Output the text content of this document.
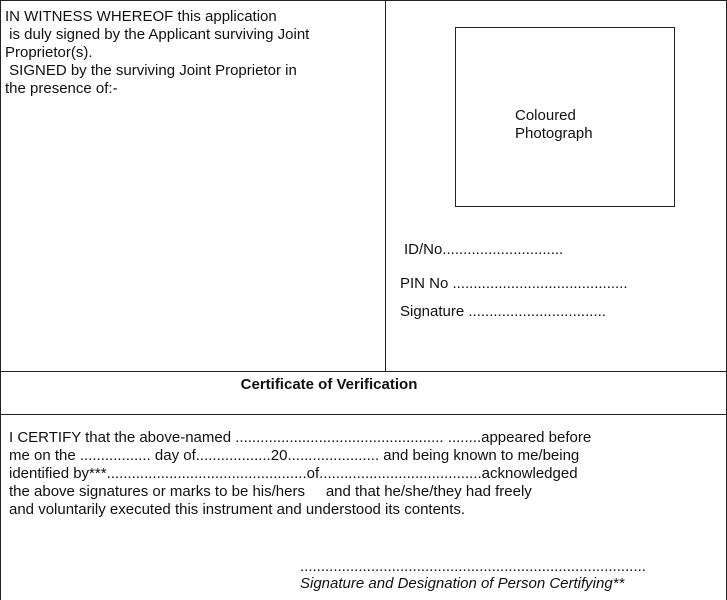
IN WITNESS WHEREOF this application
is duly signed by the Applicant surviving Joint
Proprietor(s).
SIGNED by the surviving Joint Proprietor in
the presence of:-
Coloured
Photograph
ID/No.............................
PIN No ..........................................
Signature .................................
Certificate of Verification
I CERTIFY that the above-named .................................................. ........appeared before
me on the ................. day of..................20...................... and being known to me/being
identified by***................................................of.......................................acknowledged
the above signatures or marks to be his/hers     and that he/she/they had freely
and voluntarily executed this instrument and understood its contents.
...................................................................................
Signature and Designation of Person Certifying**
